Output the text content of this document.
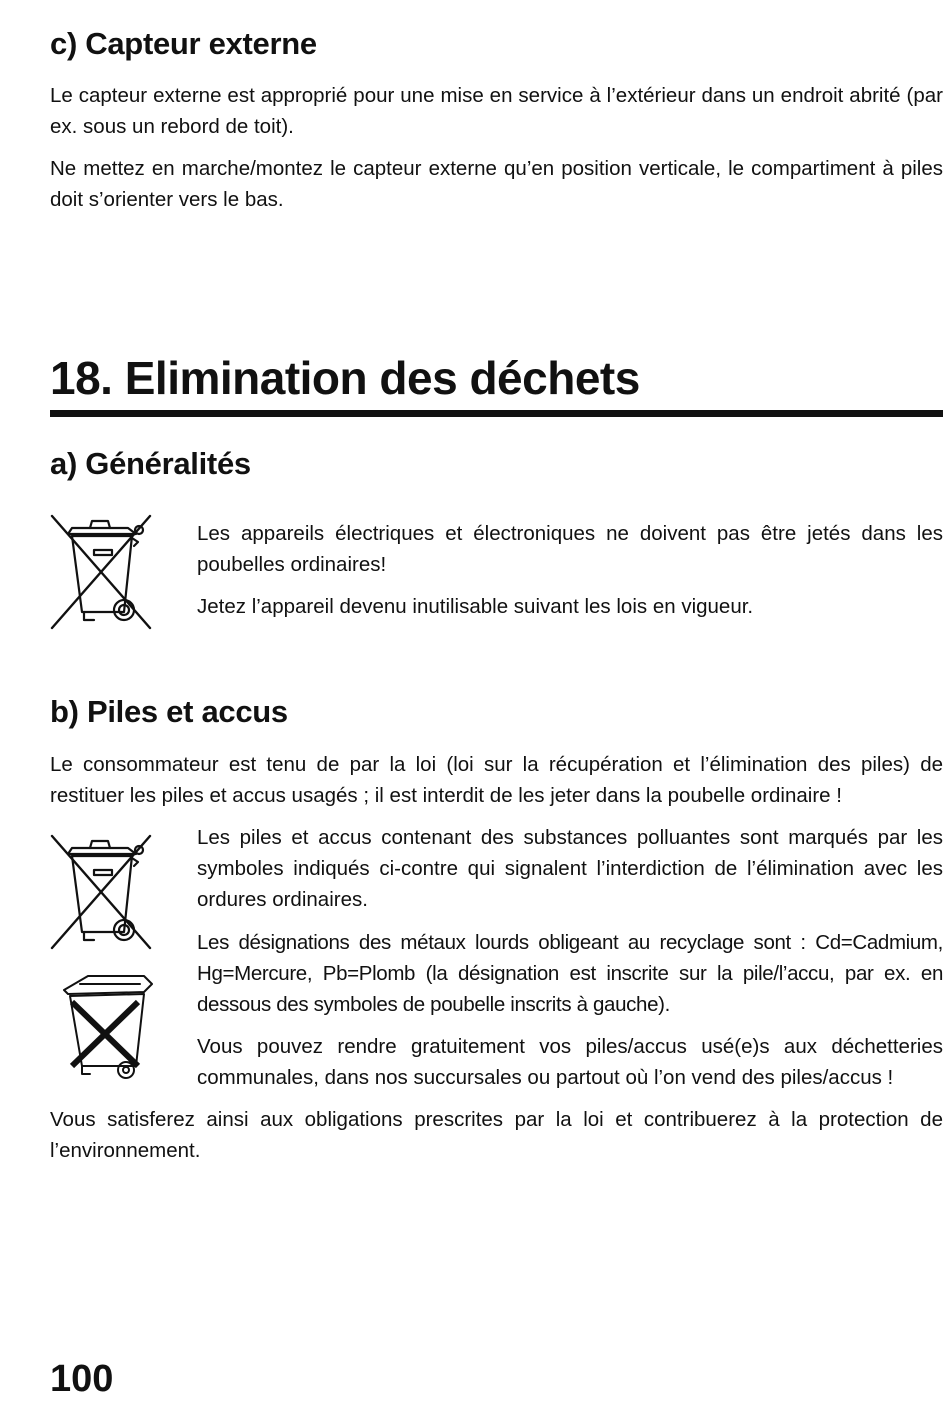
c) Capteur externe

Le capteur externe est approprié pour une mise en service à l’extérieur dans un endroit abrité (par ex. sous un rebord de toit).

Ne mettez en marche/montez le capteur externe qu’en position verticale, le compartiment à piles doit s’orienter vers le bas.

18. Elimination des déchets
a) Généralités

Les appareils électriques et électroniques ne doivent pas être jetés dans les poubelles ordinaires!

Jetez l’appareil devenu inutilisable suivant les lois en vigueur.

b) Piles et accus

Le consommateur est tenu de par la loi (loi sur la récupération et l’élimination des piles) de restituer les piles et accus usagés ; il est interdit de les jeter dans la poubelle ordinaire !

Les piles et accus contenant des substances polluantes sont marqués par les symboles indiqués ci-contre qui signalent l’interdiction de l’élimination avec les ordures ordinaires.

Les désignations des métaux lourds obligeant au recyclage sont : Cd=Cadmium, Hg=Mercure, Pb=Plomb (la désignation est inscrite sur la pile/l’accu, par ex. en dessous des symboles de poubelle inscrits à gauche).

Vous pouvez rendre gratuitement vos piles/accus usé(e)s aux déchetteries communales, dans nos succursales ou partout où l’on vend des piles/accus !

Vous satisferez ainsi aux obligations prescrites par la loi et contribuerez à la protection de l’environnement.

100
